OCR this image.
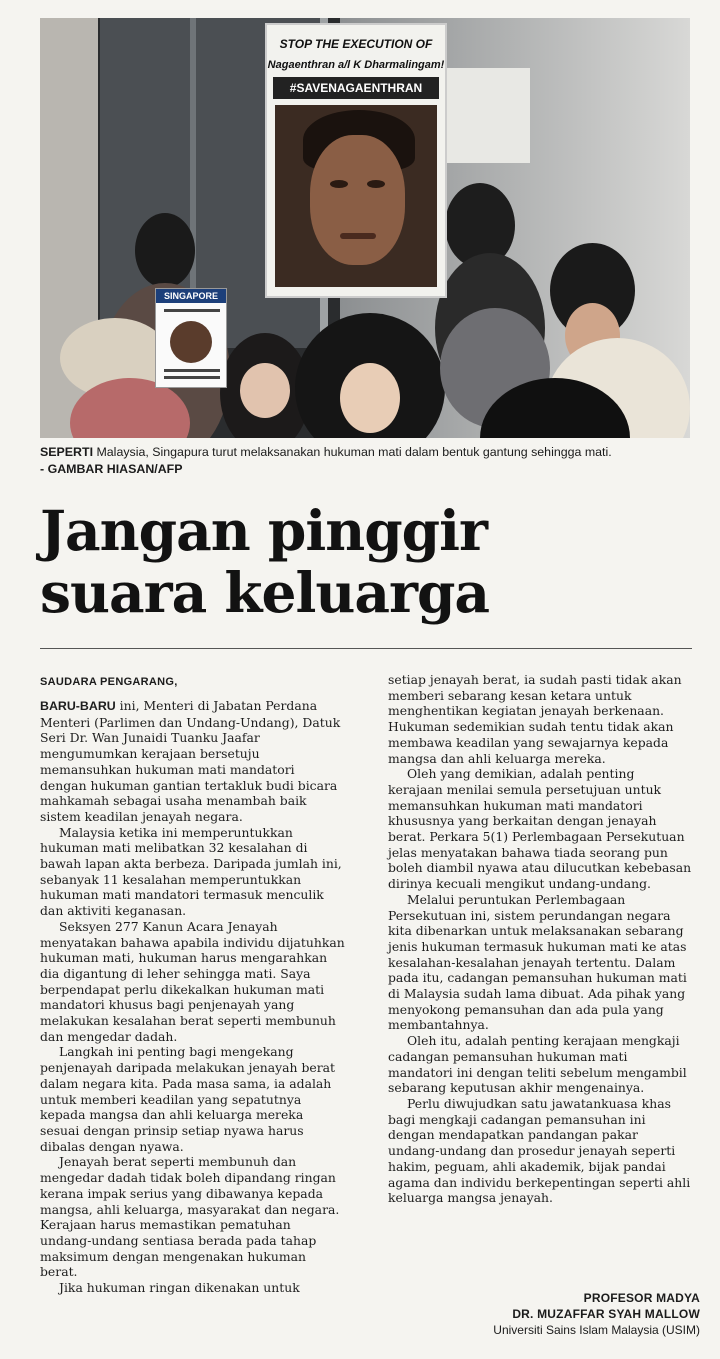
STOP THE EXECUTION OF
Nagaenthran a/l K Dharmalingam!
#SAVENAGAENTHRAN
SINGAPORE
SEPERTI Malaysia, Singapura turut melaksanakan hukuman mati dalam bentuk gantung sehingga mati.
- GAMBAR HIASAN/AFP
Jangan pinggir
suara keluarga
SAUDARA PENGARANG,

BARU-BARU ini, Menteri di Jabatan Perdana Menteri (Parlimen dan Undang-Undang), Datuk Seri Dr. Wan Junaidi Tuanku Jaafar mengumumkan kerajaan bersetuju memansuhkan hukuman mati mandatori dengan hukuman gantian tertakluk budi bicara mahkamah sebagai usaha menambah baik sistem keadilan jenayah negara.

Malaysia ketika ini memperuntukkan hukuman mati melibatkan 32 kesalahan di bawah lapan akta berbeza. Daripada jumlah ini, sebanyak 11 kesalahan memperuntukkan hukuman mati mandatori termasuk menculik dan aktiviti keganasan.

Seksyen 277 Kanun Acara Jenayah menyatakan bahawa apabila individu dijatuhkan hukuman mati, hukuman harus mengarahkan dia digantung di leher sehingga mati. Saya berpendapat perlu dikekalkan hukuman mati mandatori khusus bagi penjenayah yang melakukan kesalahan berat seperti membunuh dan mengedar dadah.

Langkah ini penting bagi mengekang penjenayah daripada melakukan jenayah berat dalam negara kita. Pada masa sama, ia adalah untuk memberi keadilan yang sepatutnya kepada mangsa dan ahli keluarga mereka sesuai dengan prinsip setiap nyawa harus dibalas dengan nyawa.

Jenayah berat seperti membunuh dan mengedar dadah tidak boleh dipandang ringan kerana impak serius yang dibawanya kepada mangsa, ahli keluarga, masyarakat dan negara. Kerajaan harus memastikan pematuhan undang-undang sentiasa berada pada tahap maksimum dengan mengenakan hukuman berat.

Jika hukuman ringan dikenakan untuk

setiap jenayah berat, ia sudah pasti tidak akan memberi sebarang kesan ketara untuk menghentikan kegiatan jenayah berkenaan. Hukuman sedemikian sudah tentu tidak akan membawa keadilan yang sewajarnya kepada mangsa dan ahli keluarga mereka.

Oleh yang demikian, adalah penting kerajaan menilai semula persetujuan untuk memansuhkan hukuman mati mandatori khususnya yang berkaitan dengan jenayah berat. Perkara 5(1) Perlembagaan Persekutuan jelas menyatakan bahawa tiada seorang pun boleh diambil nyawa atau dilucutkan kebebasan dirinya kecuali mengikut undang-undang.

Melalui peruntukan Perlembagaan Persekutuan ini, sistem perundangan negara kita dibenarkan untuk melaksanakan sebarang jenis hukuman termasuk hukuman mati ke atas kesalahan-kesalahan jenayah tertentu. Dalam pada itu, cadangan pemansuhan hukuman mati di Malaysia sudah lama dibuat. Ada pihak yang menyokong pemansuhan dan ada pula yang membantahnya.

Oleh itu, adalah penting kerajaan mengkaji cadangan pemansuhan hukuman mati mandatori ini dengan teliti sebelum mengambil sebarang keputusan akhir mengenainya.

Perlu diwujudkan satu jawatankuasa khas bagi mengkaji cadangan pemansuhan ini dengan mendapatkan pandangan pakar undang-undang dan prosedur jenayah seperti hakim, peguam, ahli akademik, bijak pandai agama dan individu berkepentingan seperti ahli keluarga mangsa jenayah.

PROFESOR MADYA
DR. MUZAFFAR SYAH MALLOW
Universiti Sains Islam Malaysia (USIM)
